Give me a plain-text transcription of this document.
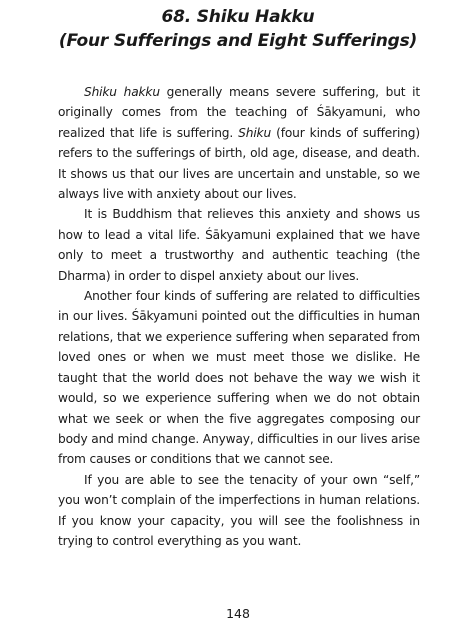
68. Shiku Hakku
(Four Sufferings and Eight Sufferings)

Shiku hakku generally means severe suffering, but it originally comes from the teaching of Śākyamuni, who realized that life is suffering. Shiku (four kinds of suffering) refers to the sufferings of birth, old age, disease, and death. It shows us that our lives are uncertain and unstable, so we always live with anxiety about our lives.

It is Buddhism that relieves this anxiety and shows us how to lead a vital life. Śākyamuni explained that we have only to meet a trustworthy and authentic teaching (the Dharma) in order to dispel anxiety about our lives.

Another four kinds of suffering are related to difficulties in our lives. Śākyamuni pointed out the difficulties in human relations, that we experience suffering when separated from loved ones or when we must meet those we dislike. He taught that the world does not behave the way we wish it would, so we experience suffering when we do not obtain what we seek or when the five aggregates composing our body and mind change. Anyway, difficulties in our lives arise from causes or conditions that we cannot see.

If you are able to see the tenacity of your own “self,” you won’t complain of the imperfections in human relations. If you know your capacity, you will see the foolishness in trying to control everything as you want.

148
